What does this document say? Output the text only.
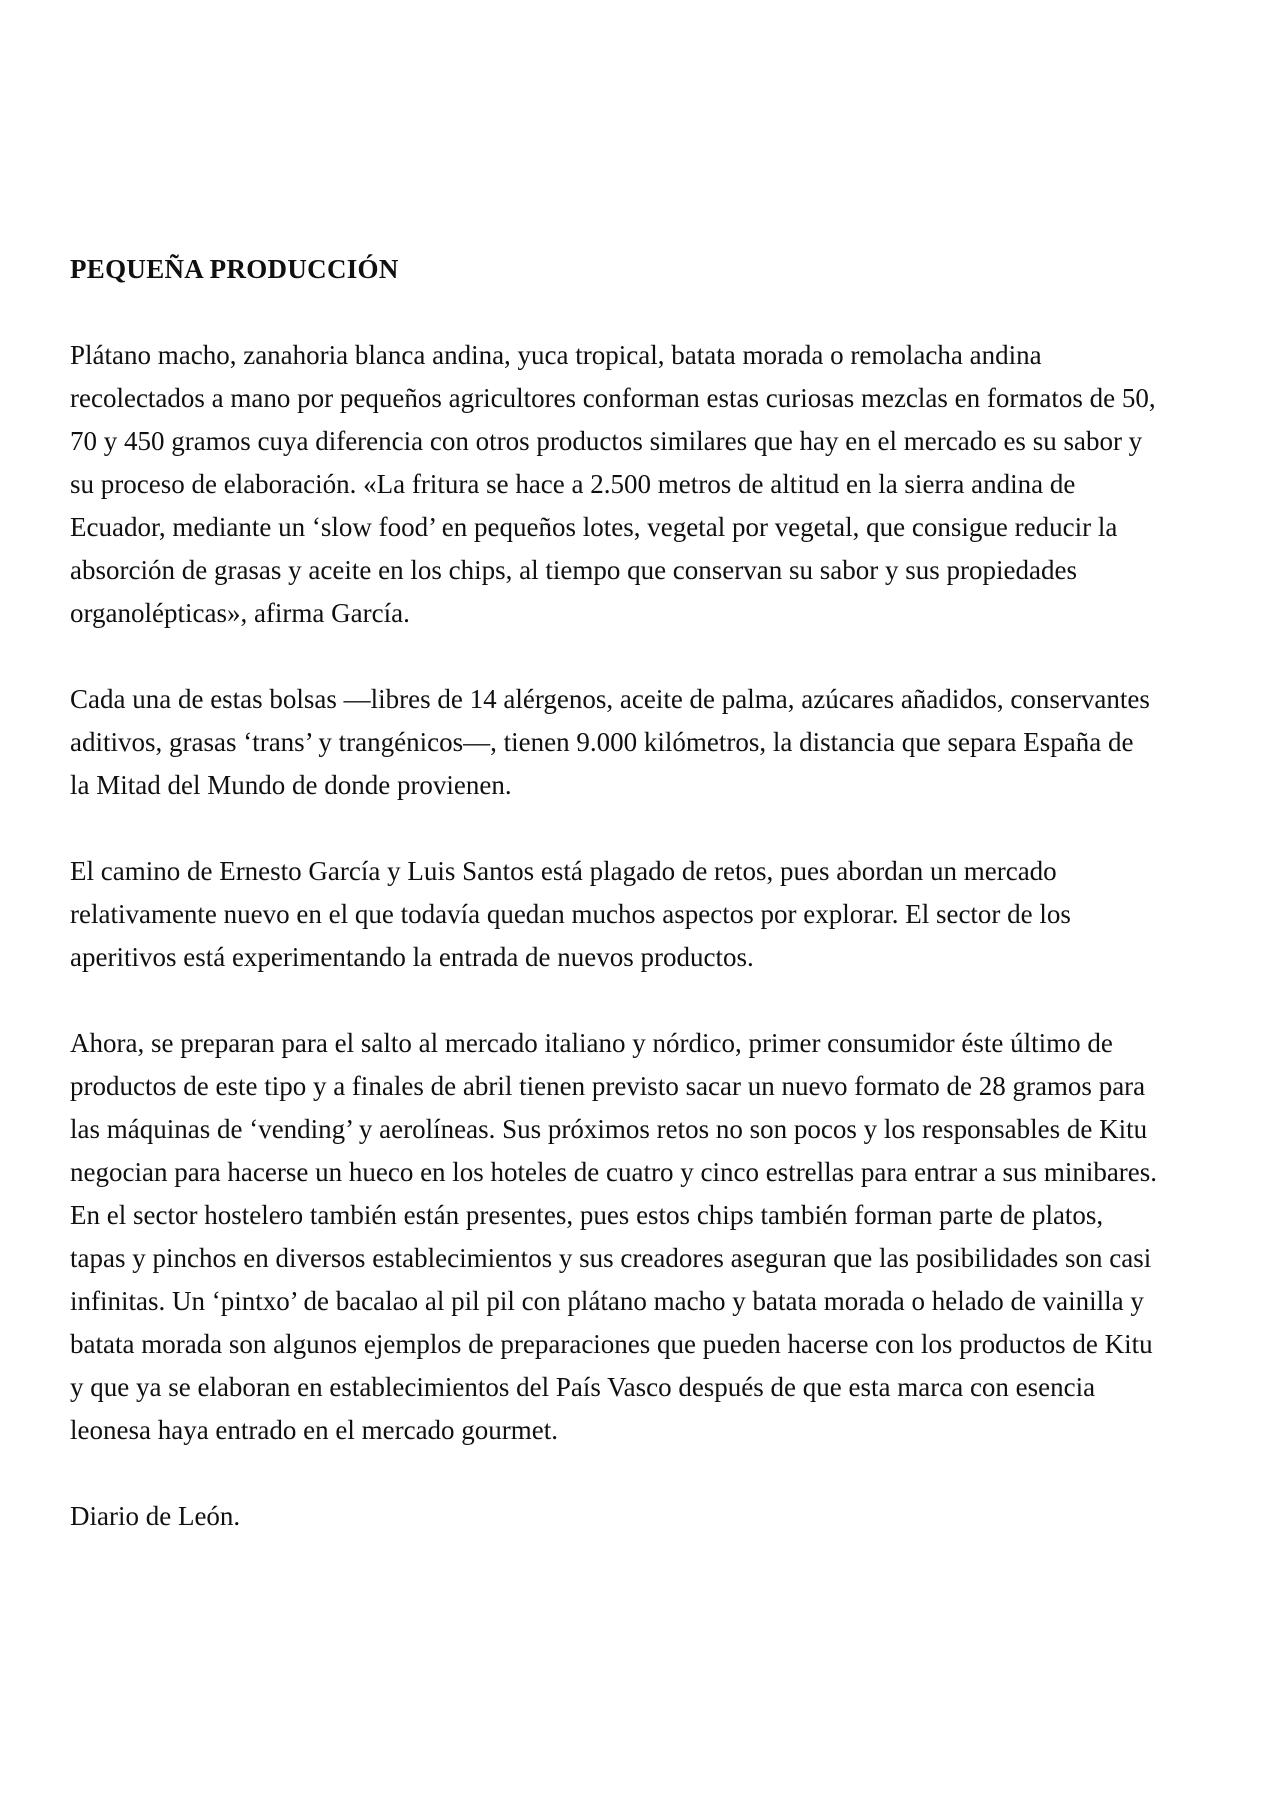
PEQUEÑA PRODUCCIÓN
Plátano macho, zanahoria blanca andina, yuca tropical, batata morada o remolacha andina
recolectados a mano por pequeños agricultores conforman estas curiosas mezclas en formatos de 50,
70 y 450 gramos cuya diferencia con otros productos similares que hay en el mercado es su sabor y
su proceso de elaboración. «La fritura se hace a 2.500 metros de altitud en la sierra andina de
Ecuador, mediante un ‘slow food’ en pequeños lotes, vegetal por vegetal, que consigue reducir la
absorción de grasas y aceite en los chips, al tiempo que conservan su sabor y sus propiedades
organolépticas», afirma García.
Cada una de estas bolsas —libres de 14 alérgenos, aceite de palma, azúcares añadidos, conservantes
aditivos, grasas ‘trans’ y trangénicos—, tienen 9.000 kilómetros, la distancia que separa España de
la Mitad del Mundo de donde provienen.
El camino de Ernesto García y Luis Santos está plagado de retos, pues abordan un mercado
relativamente nuevo en el que todavía quedan muchos aspectos por explorar. El sector de los
aperitivos está experimentando la entrada de nuevos productos.
Ahora, se preparan para el salto al mercado italiano y nórdico, primer consumidor éste último de
productos de este tipo y a finales de abril tienen previsto sacar un nuevo formato de 28 gramos para
las máquinas de ‘vending’ y aerolíneas. Sus próximos retos no son pocos y los responsables de Kitu
negocian para hacerse un hueco en los hoteles de cuatro y cinco estrellas para entrar a sus minibares.
En el sector hostelero también están presentes, pues estos chips también forman parte de platos,
tapas y pinchos en diversos establecimientos y sus creadores aseguran que las posibilidades son casi
infinitas. Un ‘pintxo’ de bacalao al pil pil con plátano macho y batata morada o helado de vainilla y
batata morada son algunos ejemplos de preparaciones que pueden hacerse con los productos de Kitu
y que ya se elaboran en establecimientos del País Vasco después de que esta marca con esencia
leonesa haya entrado en el mercado gourmet.
Diario de León.
